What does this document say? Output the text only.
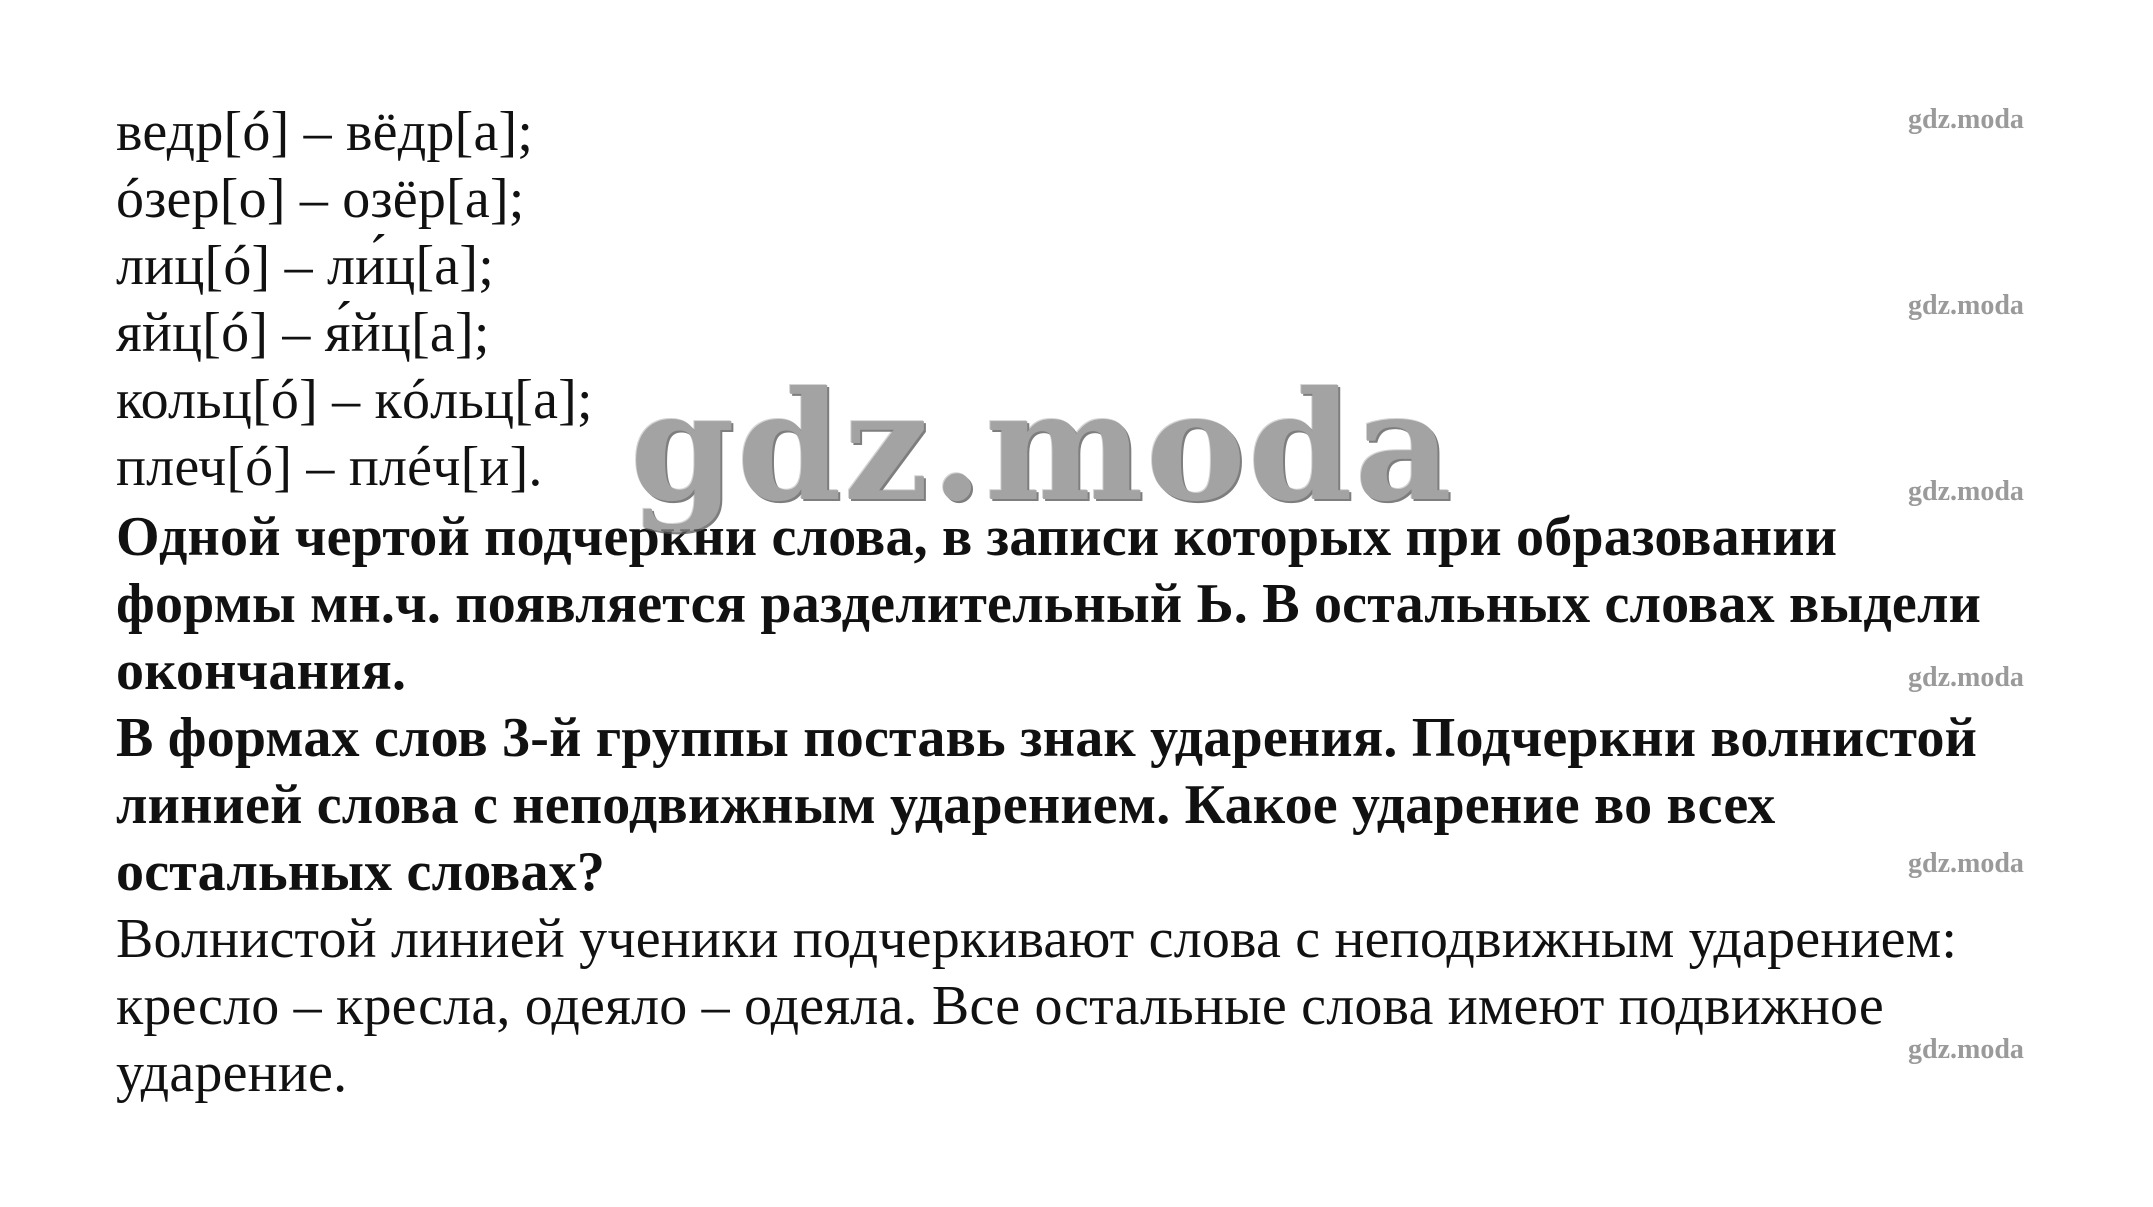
gdz.moda
gdz.moda
gdz.moda
gdz.moda
gdz.moda
gdz.moda
ведр[ó] – вёдр[а];
óзер[о] – озёр[а];
лиц[ó] – ли́ц[а];
яйц[ó] – я́йц[а];
кольц[ó] – кóльц[а];
плеч[ó] – плéч[и].
Одной чертой подчеркни слова, в записи которых при образовании
формы мн.ч. появляется разделительный Ь. В остальных словах выдели
окончания.
В формах слов 3-й группы поставь знак ударения. Подчеркни волнистой
линией слова с неподвижным ударением. Какое ударение во всех
остальных словах?
Волнистой линией ученики подчеркивают слова с неподвижным ударением:
кресло – кресла, одеяло – одеяла. Все остальные слова имеют подвижное
ударение.
gdz.moda
